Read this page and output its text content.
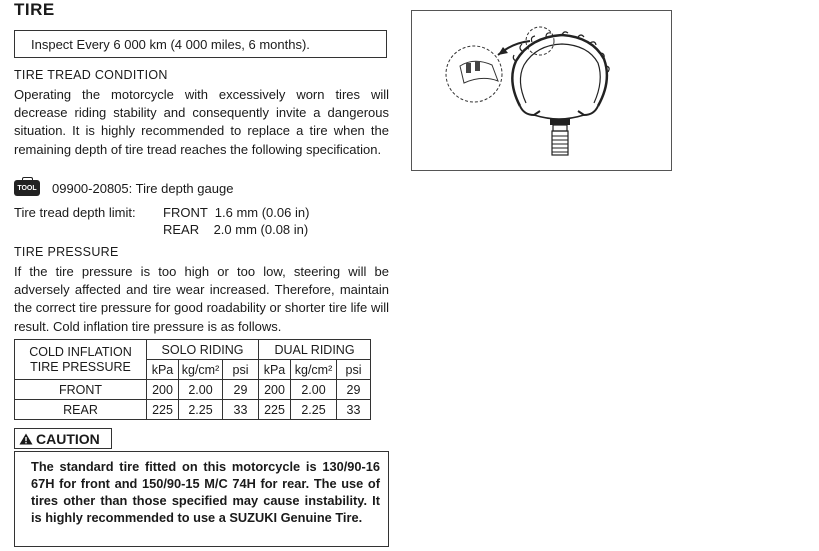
TIRE
Inspect Every 6 000 km (4 000 miles, 6 months).
TIRE TREAD CONDITION
Operating the motorcycle with excessively worn tires will decrease riding stability and consequently invite a dangerous situation. It is highly recommended to replace a tire when the remaining depth of tire tread reaches the following specification.
TOOL 09900-20805: Tire depth gauge
Tire tread depth limit: FRONT  1.6 mm (0.06 in)
REAR    2.0 mm (0.08 in)
TIRE PRESSURE
If the tire pressure is too high or too low, steering will be adversely affected and tire wear increased. Therefore, maintain the correct tire pressure for good roadability or shorter tire life will result. Cold inflation tire pressure is as follows.
COLD INFLATION
TIRE PRESSURE	SOLO RIDING			DUAL RIDING		
	kPa	kg/cm²	psi	kPa	kg/cm²	psi
FRONT	200	2.00	29	200	2.00	29
REAR	225	2.25	33	225	2.25	33
CAUTION
The standard tire fitted on this motorcycle is 130/90-16 67H for front and 150/90-15 M/C 74H for rear. The use of tires other than those specified may cause instability. It is highly recommended to use a SUZUKI Genuine Tire.
